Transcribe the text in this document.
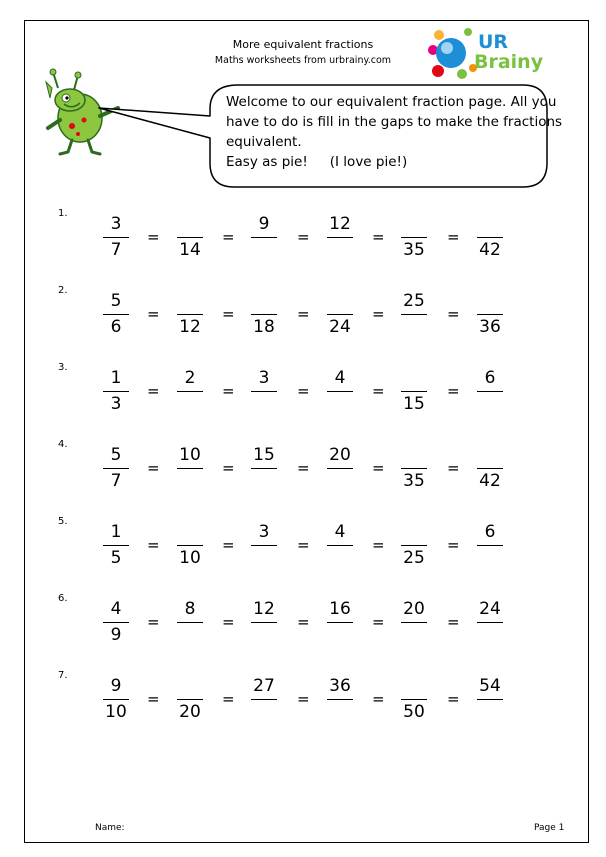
More equivalent fractions
Maths worksheets from urbrainy.com
UR
Brainy
Welcome to our equivalent fraction page. All you
have to do is fill in the gaps to make the fractions
equivalent.
Easy as pie! (I love pie!)
1.
3
7
=
14
=
9
=
12
=
35
=
42
2.
5
6
=
12
=
18
=
24
=
25
=
36
3.
1
3
=
2
=
3
=
4
=
15
=
6
4.
5
7
=
10
=
15
=
20
=
35
=
42
5.
1
5
=
10
=
3
=
4
=
25
=
6
6.
4
9
=
8
=
12
=
16
=
20
=
24
7.
9
10
=
20
=
27
=
36
=
50
=
54
Name:	Page 1
